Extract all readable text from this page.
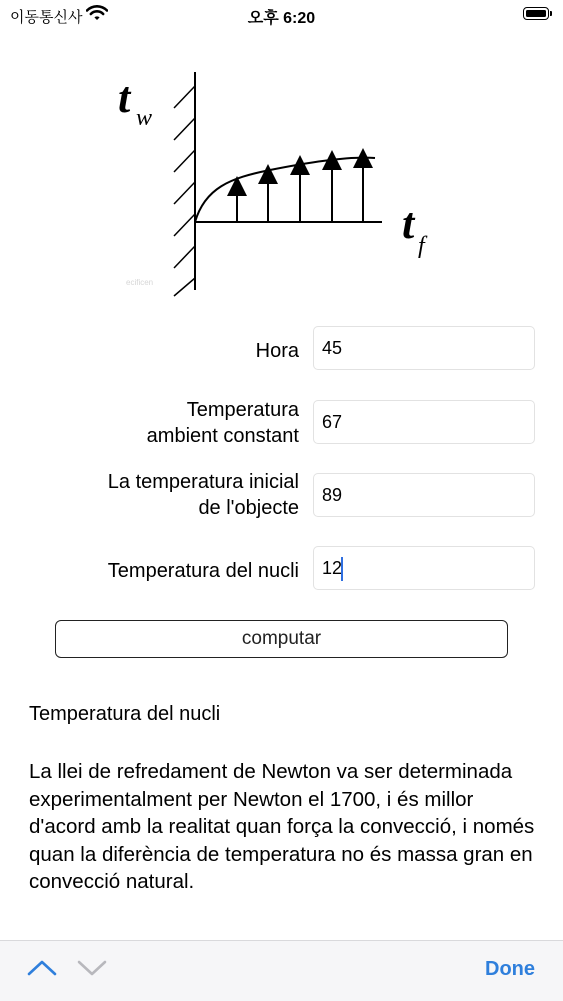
이동통신사	오후 6:20
t w
t f
ecificen
Hora
45
Temperatura
ambient constant
67
La temperatura inicial
de l'objecte
89
Temperatura del nucli
12
computar
Temperatura del nucli
La llei de refredament de Newton va ser determinada experimentalment per Newton el 1700, i és millor d'acord amb la realitat quan força la convecció, i només quan la diferència de temperatura no és massa gran en convecció natural.
Done
